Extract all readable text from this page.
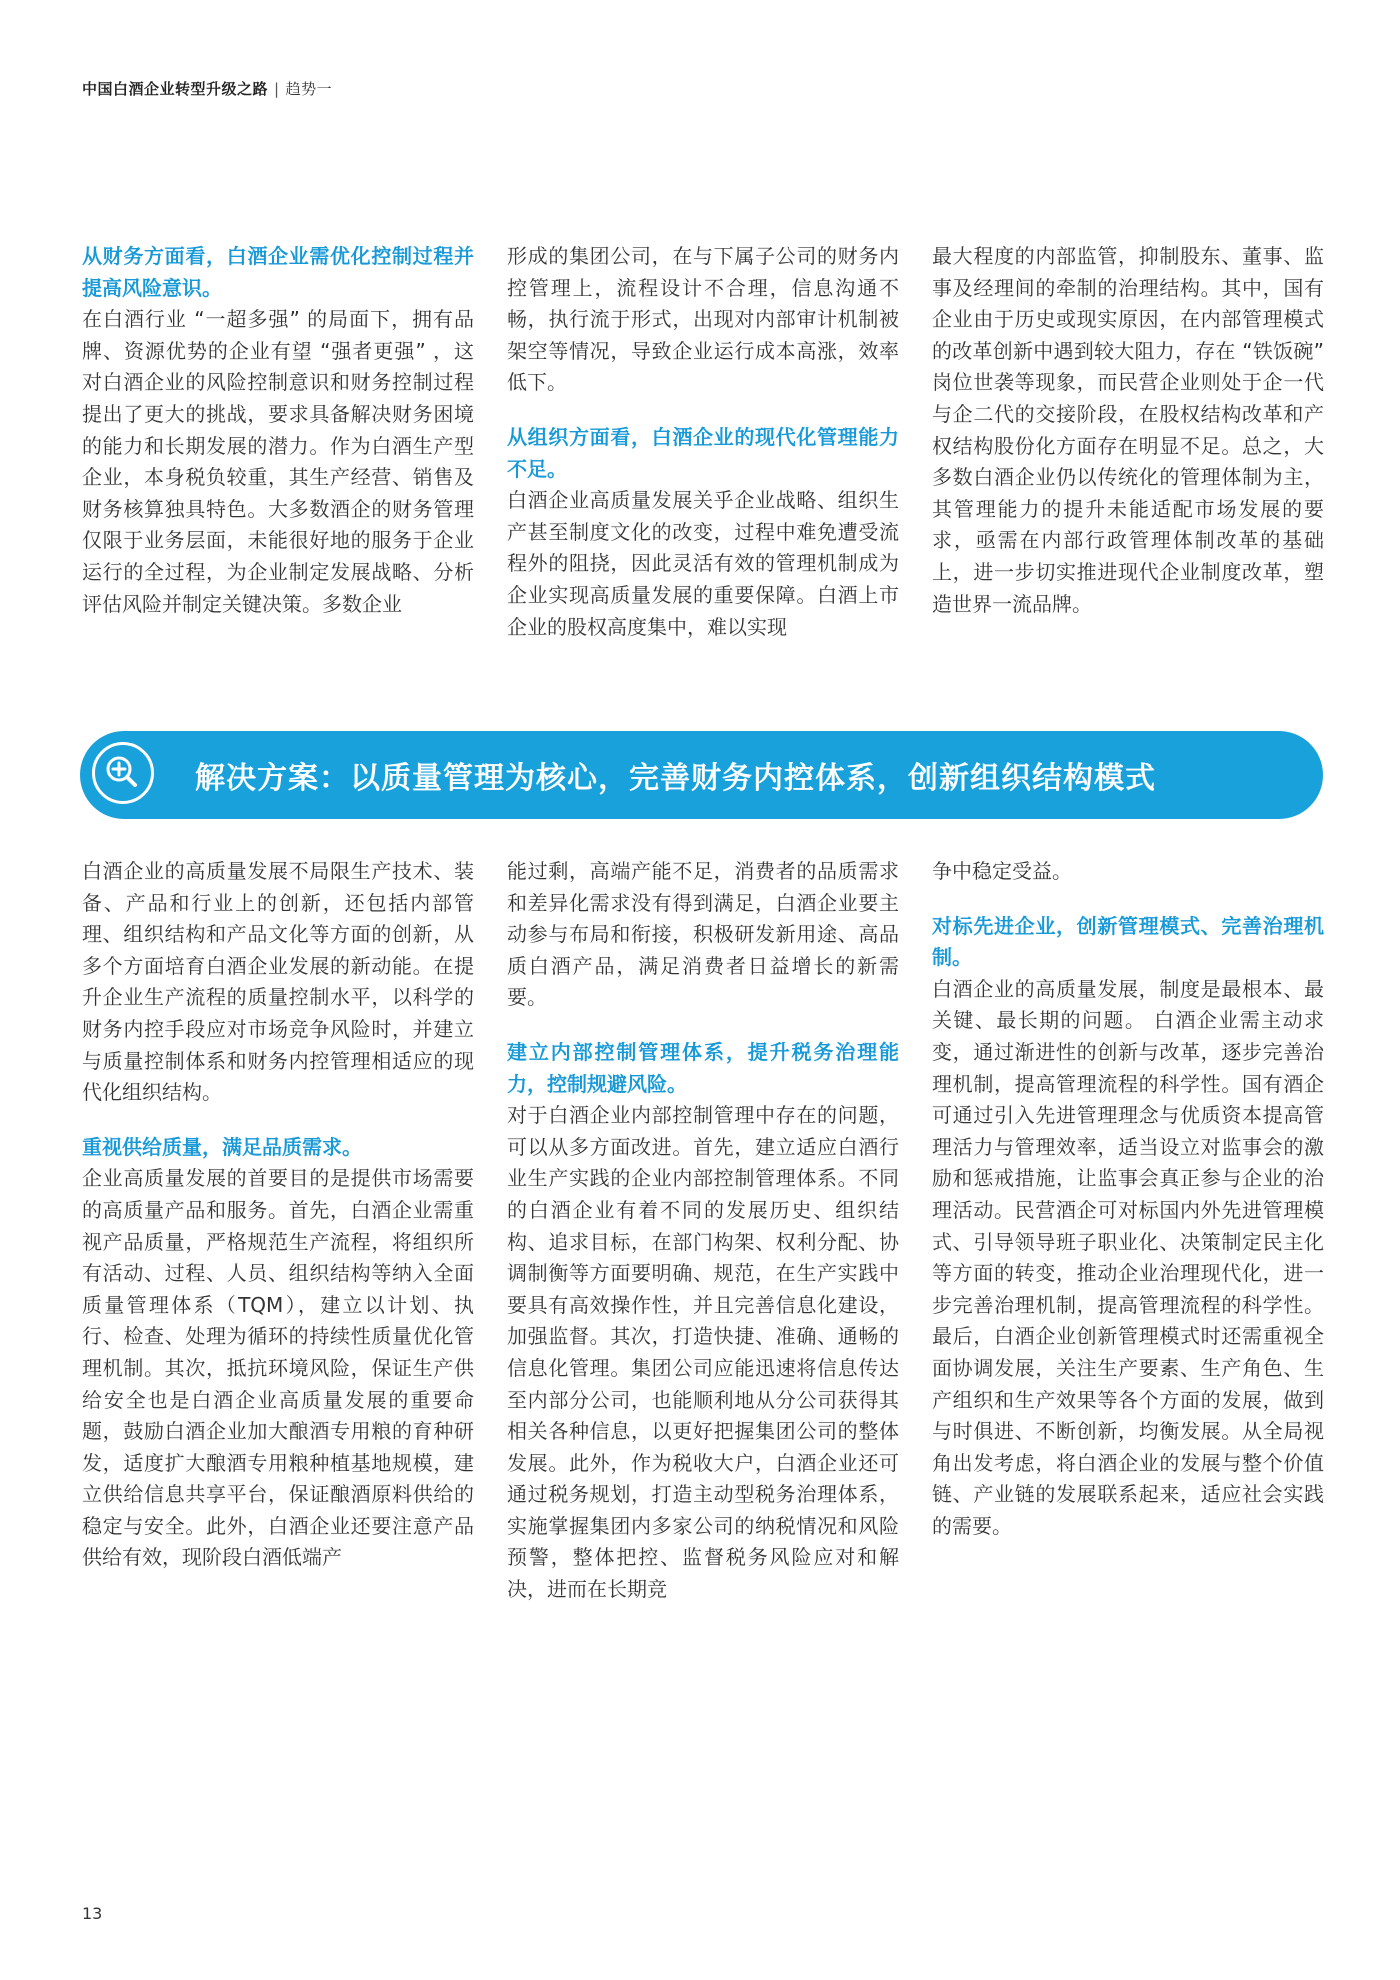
中国白酒企业转型升级之路 | 趋势一

从财务方面看，白酒企业需优化控制过程并提高风险意识。

在白酒行业 “一超多强” 的局面下，拥有品牌、资源优势的企业有望 “强者更强” ，这对白酒企业的风险控制意识和财务控制过程提出了更大的挑战，要求具备解决财务困境的能力和长期发展的潜力。作为白酒生产型企业，本身税负较重，其生产经营、销售及财务核算独具特色。大多数酒企的财务管理仅限于业务层面，未能很好地的服务于企业运行的全过程，为企业制定发展战略、分析评估风险并制定关键决策。多数企业

形成的集团公司，在与下属子公司的财务内控管理上，流程设计不合理，信息沟通不畅，执行流于形式，出现对内部审计机制被架空等情况，导致企业运行成本高涨，效率低下。

从组织方面看，白酒企业的现代化管理能力不足。

白酒企业高质量发展关乎企业战略、组织生产甚至制度文化的改变，过程中难免遭受流程外的阻挠，因此灵活有效的管理机制成为企业实现高质量发展的重要保障。白酒上市企业的股权高度集中，难以实现

最大程度的内部监管，抑制股东、董事、监事及经理间的牵制的治理结构。其中，国有企业由于历史或现实原因，在内部管理模式的改革创新中遇到较大阻力，存在 “铁饭碗” 岗位世袭等现象，而民营企业则处于企一代与企二代的交接阶段，在股权结构改革和产权结构股份化方面存在明显不足。总之，大多数白酒企业仍以传统化的管理体制为主，其管理能力的提升未能适配市场发展的要求，亟需在内部行政管理体制改革的基础上，进一步切实推进现代企业制度改革，塑造世界一流品牌。

解决方案：以质量管理为核心，完善财务内控体系，创新组织结构模式

白酒企业的高质量发展不局限生产技术、装备、产品和行业上的创新，还包括内部管理、组织结构和产品文化等方面的创新，从多个方面培育白酒企业发展的新动能。在提升企业生产流程的质量控制水平，以科学的财务内控手段应对市场竞争风险时，并建立与质量控制体系和财务内控管理相适应的现代化组织结构。

重视供给质量，满足品质需求。

企业高质量发展的首要目的是提供市场需要的高质量产品和服务。首先，白酒企业需重视产品质量，严格规范生产流程，将组织所有活动、过程、人员、组织结构等纳入全面质量管理体系（TQM），建立以计划、执行、检查、处理为循环的持续性质量优化管理机制。其次，抵抗环境风险，保证生产供给安全也是白酒企业高质量发展的重要命题，鼓励白酒企业加大酿酒专用粮的育种研发，适度扩大酿酒专用粮种植基地规模，建立供给信息共享平台，保证酿酒原料供给的稳定与安全。此外，白酒企业还要注意产品供给有效，现阶段白酒低端产

能过剩，高端产能不足，消费者的品质需求和差异化需求没有得到满足，白酒企业要主动参与布局和衔接，积极研发新用途、高品质白酒产品，满足消费者日益增长的新需要。

建立内部控制管理体系，提升税务治理能力，控制规避风险。

对于白酒企业内部控制管理中存在的问题，可以从多方面改进。首先，建立适应白酒行业生产实践的企业内部控制管理体系。不同的白酒企业有着不同的发展历史、组织结构、追求目标，在部门构架、权利分配、协调制衡等方面要明确、规范，在生产实践中要具有高效操作性，并且完善信息化建设，加强监督。其次，打造快捷、准确、通畅的信息化管理。集团公司应能迅速将信息传达至内部分公司，也能顺利地从分公司获得其相关各种信息，以更好把握集团公司的整体发展。此外，作为税收大户，白酒企业还可通过税务规划，打造主动型税务治理体系，实施掌握集团内多家公司的纳税情况和风险预警，整体把控、监督税务风险应对和解决，进而在长期竞

争中稳定受益。

对标先进企业，创新管理模式、完善治理机制。

白酒企业的高质量发展，制度是最根本、最关键、最长期的问题。 白酒企业需主动求变，通过渐进性的创新与改革，逐步完善治理机制，提高管理流程的科学性。国有酒企可通过引入先进管理理念与优质资本提高管理活力与管理效率，适当设立对监事会的激励和惩戒措施，让监事会真正参与企业的治理活动。民营酒企可对标国内外先进管理模式、引导领导班子职业化、决策制定民主化等方面的转变，推动企业治理现代化，进一步完善治理机制，提高管理流程的科学性。最后，白酒企业创新管理模式时还需重视全面协调发展，关注生产要素、生产角色、生产组织和生产效果等各个方面的发展，做到与时俱进、不断创新，均衡发展。从全局视角出发考虑，将白酒企业的发展与整个价值链、产业链的发展联系起来，适应社会实践的需要。

13
